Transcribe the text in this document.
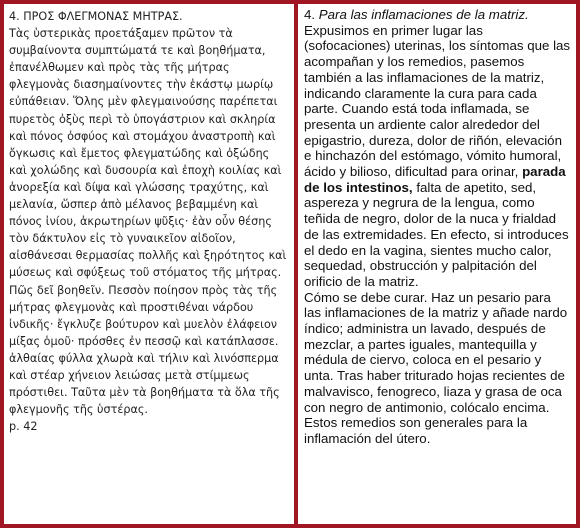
4. ΠΡΟΣ ΦΛΕΓΜΟΝΑΣ ΜΗΤΡΑΣ.

Τὰς ὑστερικὰς προετάξαμεν πρῶτον τὰ συμβαίνοντα συμπτώματά τε καὶ βοηθήματα, ἐπανέλθωμεν καὶ πρὸς τὰς τῆς μήτρας φλεγμονὰς διασημαίνοντες τὴν ἑκάστῳ μωρίῳ εὐπάθειαν. Ὅλης μὲν φλεγμαινούσης παρέπεται πυρετὸς ὀξὺς περὶ τὸ ὑπογάστριον καὶ σκληρία καὶ πόνος ὀσφύος καὶ στομάχου ἀναστροπὴ καὶ ὄγκωσις καὶ ἔμετος φλεγματώδης καὶ ὀξώδης καὶ χολώδης καὶ δυσουρία καὶ ἐποχὴ κοιλίας καὶ ἀνορεξία καὶ δίψα καὶ γλώσσης τραχύτης, καὶ μελανία, ὥσπερ ἀπὸ μέλανος βεβαμμένη καὶ πόνος ἰνίου, ἀκρωτηρίων ψῦξις· ἐὰν οὖν θέσης τὸν δάκτυλον εἰς τὸ γυναικεῖον αἰδοῖον, αἰσθάνεσαι θερμασίας πολλῆς καὶ ξηρότητος καὶ μύσεως καὶ σφύξεως τοῦ στόματος τῆς μήτρας.

Πῶς δεῖ βοηθεῖν. Πεσσὸν ποίησον πρὸς τὰς τῆς μήτρας φλεγμονὰς καὶ προστιθέναι νάρδου ἰνδικῆς· ἔγκλυζε βούτυρον καὶ μυελὸν ἐλάφειον μίξας ὁμοῦ· πρόσθες ἐν πεσσῷ καὶ κατάπλασσε. ἀλθαίας φύλλα χλωρὰ καὶ τήλιν καὶ λινόσπερμα καὶ στέαρ χήνειον λειώσας μετὰ στίμμεως πρόστιθει. Ταῦτα μὲν τὰ βοηθήματα τὰ ὅλα τῆς φλεγμονῆς τῆς ὑστέρας.

p. 42

4. Para las inflamaciones de la matriz.

Expusimos en primer lugar las (sofocaciones) uterinas, los síntomas que las acompañan y los remedios, pasemos también a las inflamaciones de la matriz, indicando claramente la cura para cada parte. Cuando está toda inflamada, se presenta un ardiente calor alrededor del epigastrio, dureza, dolor de riñón, elevación e hinchazón del estómago, vómito humoral, ácido y bilioso, dificultad para orinar, parada de los intestinos, falta de apetito, sed, aspereza y negrura de la lengua, como teñida de negro, dolor de la nuca y frialdad de las extremidades. En efecto, si introduces el dedo en la vagina, sientes mucho calor, sequedad, obstrucción y palpitación del orificio de la matriz.

Cómo se debe curar. Haz un pesario para las inflamaciones de la matriz y añade nardo índico; administra un lavado, después de mezclar, a partes iguales, mantequilla y médula de ciervo, coloca en el pesario y unta. Tras haber triturado hojas recientes de malvavisco, fenogreco, liaza y grasa de oca con negro de antimonio, colócalo encima. Estos remedios son generales para la inflamación del útero.
